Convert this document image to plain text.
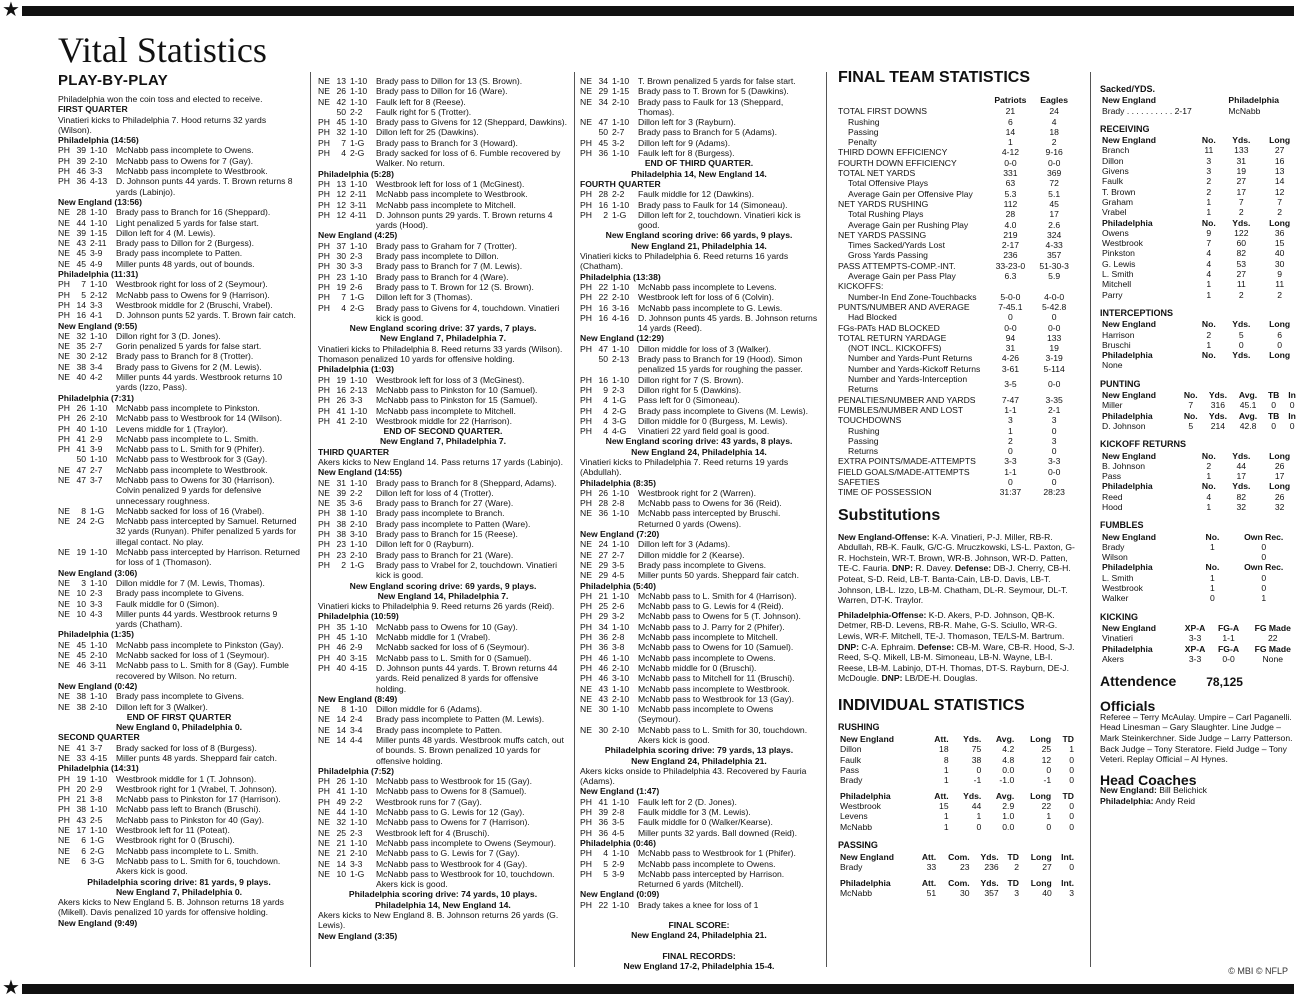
★
Vital Statistics
PLAY-BY-PLAY
Philadelphia won the coin toss and elected to receive.
FIRST QUARTER
Vinatieri kicks to Philadelphia 7. Hood returns 32 yards (Wilson).
Philadelphia (14:56)
PH 39 1-10	McNabb pass incomplete to Owens.
PH 39 2-10	McNabb pass to Owens for 7 (Gay).
PH 46 3-3	McNabb pass incomplete to Westbrook.
PH 36 4-13	D. Johnson punts 44 yards. T. Brown returns 8 yards (Labinjo).
New England (13:56)
NE 28 1-10	Brady pass to Branch for 16 (Sheppard).
NE 44 1-10	Light penalized 5 yards for false start.
NE 39 1-15	Dillon left for 4 (M. Lewis).
NE 43 2-11	Brady pass to Dillon for 2 (Burgess).
NE 45 3-9	Brady pass incomplete to Patten.
NE 45 4-9	Miller punts 48 yards, out of bounds.
Philadelphia (11:31)
PH	7 1-10	Westbrook right for loss of 2 (Seymour).
PH	5 2-12	McNabb pass to Owens for 9 (Harrison).
PH 14 3-3	Westbrook middle for 2 (Bruschi, Vrabel).
PH 16 4-1	D. Johnson punts 52 yards. T. Brown fair catch.
New England (9:55)
NE 32 1-10	Dillon right for 3 (D. Jones).
NE 35 2-7	Gorin penalized 5 yards for false start.
NE 30 2-12	Brady pass to Branch for 8 (Trotter).
NE 38 3-4	Brady pass to Givens for 2 (M. Lewis).
NE 40 4-2	Miller punts 44 yards. Westbrook returns 10 yards (Izzo, Pass).
Philadelphia (7:31)
PH 26 1-10	McNabb pass incomplete to Pinkston.
PH 26 2-10	McNabb pass to Westbrook for 14 (Wilson).
PH 40 1-10	Levens middle for 1 (Traylor).
PH 41 2-9	McNabb pass incomplete to L. Smith.
PH 41 3-9	McNabb pass to L. Smith for 9 (Phifer).
50 1-10	McNabb pass to Westbrook for 3 (Gay).
NE 47 2-7	McNabb pass incomplete to Westbrook.
NE 47 3-7	McNabb pass to Owens for 30 (Harrison). Colvin penalized 9 yards for defensive unnecessary roughness.
NE	8 1-G	McNabb sacked for loss of 16 (Vrabel).
NE 24 2-G	McNabb pass intercepted by Samuel. Returned 32 yards (Runyan). Phifer penalized 5 yards for illegal contact. No play.
NE 19 1-10	McNabb pass intercepted by Harrison. Returned for loss of 1 (Thomason).
New England (3:06)
NE	3 1-10	Dillon middle for 7 (M. Lewis, Thomas).
NE 10 2-3	Brady pass incomplete to Givens.
NE 10 3-3	Faulk middle for 0 (Simon).
NE 10 4-3	Miller punts 44 yards. Westbrook returns 9 yards (Chatham).
Philadelphia (1:35)
NE 45 1-10	McNabb pass incomplete to Pinkston (Gay).
NE 45 2-10	McNabb sacked for loss of 1 (Seymour).
NE 46 3-11	McNabb pass to L. Smith for 8 (Gay). Fumble recovered by Wilson. No return.
New England (0:42)
NE 38 1-10	Brady pass incomplete to Givens.
NE 38 2-10	Dillon left for 3 (Walker).
END OF FIRST QUARTER
New England 0, Philadelphia 0.
SECOND QUARTER
NE 41 3-7	Brady sacked for loss of 8 (Burgess).
NE 33 4-15	Miller punts 48 yards. Sheppard fair catch.
Philadelphia (14:31)
PH 19 1-10	Westbrook middle for 1 (T. Johnson).
PH 20 2-9	Westbrook right for 1 (Vrabel, T. Johnson).
PH 21 3-8	McNabb pass to Pinkston for 17 (Harrison).
PH 38 1-10	McNabb pass left to Branch (Bruschi).
PH 43 2-5	McNabb pass to Pinkston for 40 (Gay).
NE 17 1-10	Westbrook left for 11 (Poteat).
NE	6 1-G	Westbrook right for 0 (Bruschi).
NE	6 2-G	McNabb pass incomplete to L. Smith.
NE	6 3-G	McNabb pass to L. Smith for 6, touchdown. Akers kick is good.
Philadelphia scoring drive: 81 yards, 9 plays.
New England 7, Philadelphia 0.
Akers kicks to New England 5. B. Johnson returns 18 yards (Mikell). Davis penalized 10 yards for offensive holding.
New England (9:49)
NE 13 1-10	Brady pass to Dillon for 13 (S. Brown).
NE 26 1-10	Brady pass to Dillon for 16 (Ware).
NE 42 1-10	Faulk left for 8 (Reese).
50 2-2	Faulk right for 5 (Trotter).
PH 45 1-10	Brady pass to Givens for 12 (Sheppard, Dawkins).
PH 32 1-10	Dillon left for 25 (Dawkins).
PH	7 1-G	Brady pass to Branch for 3 (Howard).
PH	4 2-G	Brady sacked for loss of 6. Fumble recovered by Walker. No return.
Philadelphia (5:28)
PH 13 1-10	Westbrook left for loss of 1 (McGinest).
PH 12 2-11	McNabb pass incomplete to Westbrook.
PH 12 3-11	McNabb pass incomplete to Mitchell.
PH 12 4-11	D. Johnson punts 29 yards. T. Brown returns 4 yards (Hood).
New England (4:25)
PH 37 1-10	Brady pass to Graham for 7 (Trotter).
PH 30 2-3	Brady pass incomplete to Dillon.
PH 30 3-3	Brady pass to Branch for 7 (M. Lewis).
PH 23 1-10	Brady pass to Branch for 4 (Ware).
PH 19 2-6	Brady pass to T. Brown for 12 (S. Brown).
PH	7 1-G	Dillon left for 3 (Thomas).
PH	4 2-G	Brady pass to Givens for 4, touchdown. Vinatieri kick is good.
New England scoring drive: 37 yards, 7 plays.
New England 7, Philadelphia 7.
Vinatieri kicks to Philadelphia 8. Reed returns 33 yards (Wilson). Thomason penalized 10 yards for offensive holding.
Philadelphia (1:03)
PH 19 1-10	Westbrook left for loss of 3 (McGinest).
PH 16 2-13	McNabb pass to Pinkston for 10 (Samuel).
PH 26 3-3	McNabb pass to Pinkston for 15 (Samuel).
PH 41 1-10	McNabb pass incomplete to Mitchell.
PH 41 2-10	Westbrook middle for 22 (Harrison).
END OF SECOND QUARTER.
New England 7, Philadelphia 7.
THIRD QUARTER
Akers kicks to New England 14. Pass returns 17 yards (Labinjo).
New England (14:55)
NE 31 1-10	Brady pass to Branch for 8 (Sheppard, Adams).
NE 39 2-2	Dillon left for loss of 4 (Trotter).
NE 35 3-6	Brady pass to Branch for 27 (Ware).
PH 38 1-10	Brady pass incomplete to Branch.
PH 38 2-10	Brady pass incomplete to Patten (Ware).
PH 38 3-10	Brady pass to Branch for 15 (Reese).
PH 23 1-10	Dillon left for 0 (Rayburn).
PH 23 2-10	Brady pass to Branch for 21 (Ware).
PH	2 1-G	Brady pass to Vrabel for 2, touchdown. Vinatieri kick is good.
New England scoring drive: 69 yards, 9 plays.
New England 14, Philadelphia 7.
Vinatieri kicks to Philadelphia 9. Reed returns 26 yards (Reid).
Philadelphia (10:59)
PH 35 1-10	McNabb pass to Owens for 10 (Gay).
PH 45 1-10	McNabb middle for 1 (Vrabel).
PH 46 2-9	McNabb sacked for loss of 6 (Seymour).
PH 40 3-15	McNabb pass to L. Smith for 0 (Samuel).
PH 40 4-15	D. Johnson punts 44 yards. T. Brown returns 44 yards. Reid penalized 8 yards for offensive holding.
New England (8:49)
NE	8 1-10	Dillon middle for 6 (Adams).
NE 14 2-4	Brady pass incomplete to Patten (M. Lewis).
NE 14 3-4	Brady pass incomplete to Patten.
NE 14 4-4	Miller punts 48 yards. Westbrook muffs catch, out of bounds. S. Brown penalized 10 yards for offensive holding.
Philadelphia (7:52)
PH 26 1-10	McNabb pass to Westbrook for 15 (Gay).
PH 41 1-10	McNabb pass to Owens for 8 (Samuel).
PH 49 2-2	Westbrook runs for 7 (Gay).
NE 44 1-10	McNabb pass to G. Lewis for 12 (Gay).
NE 32 1-10	McNabb pass to Owens for 7 (Harrison).
NE 25 2-3	Westbrook left for 4 (Bruschi).
NE 21 1-10	McNabb pass incomplete to Owens (Seymour).
NE 21 2-10	McNabb pass to G. Lewis for 7 (Gay).
NE 14 3-3	McNabb pass to Westbrook for 4 (Gay).
NE 10 1-G	McNabb pass to Westbrook for 10, touchdown. Akers kick is good.
Philadelphia scoring drive: 74 yards, 10 plays.
Philadelphia 14, New England 14.
Akers kicks to New England 8. B. Johnson returns 26 yards (G. Lewis).
New England (3:35)
NE 34 1-10	T. Brown penalized 5 yards for false start.
NE 29 1-15	Brady pass to T. Brown for 5 (Dawkins).
NE 34 2-10	Brady pass to Faulk for 13 (Sheppard, Thomas).
NE 47 1-10	Dillon left for 3 (Rayburn).
50 2-7	Brady pass to Branch for 5 (Adams).
PH 45 3-2	Dillon left for 9 (Adams).
PH 36 1-10	Faulk left for 8 (Burgess).
END OF THIRD QUARTER.
Philadelphia 14, New England 14.
FOURTH QUARTER
PH 28 2-2	Faulk middle for 12 (Dawkins).
PH 16 1-10	Brady pass to Faulk for 14 (Simoneau).
PH	2 1-G	Dillon left for 2, touchdown. Vinatieri kick is good.
New England scoring drive: 66 yards, 9 plays.
New England 21, Philadelphia 14.
Vinatieri kicks to Philadelphia 6. Reed returns 16 yards (Chatham).
Philadelphia (13:38)
PH 22 1-10	McNabb pass incomplete to Levens.
PH 22 2-10	Westbrook left for loss of 6 (Colvin).
PH 16 3-16	McNabb pass incomplete to G. Lewis.
PH 16 4-16	D. Johnson punts 45 yards. B. Johnson returns 14 yards (Reed).
New England (12:29)
PH 47 1-10	Dillon middle for loss of 3 (Walker).
50 2-13	Brady pass to Branch for 19 (Hood). Simon penalized 15 yards for roughing the passer.
PH 16 1-10	Dillon right for 7 (S. Brown).
PH	9 2-3	Dillon right for 5 (Dawkins).
PH	4 1-G	Pass left for 0 (Simoneau).
PH	4 2-G	Brady pass incomplete to Givens (M. Lewis).
PH	4 3-G	Dillon middle for 0 (Burgess, M. Lewis).
PH	4 4-G	Vinatieri 22 yard field goal is good.
New England scoring drive: 43 yards, 8 plays.
New England 24, Philadelphia 14.
Vinatieri kicks to Philadelphia 7. Reed returns 19 yards (Abdullah).
Philadelphia (8:35)
PH 26 1-10	Westbrook right for 2 (Warren).
PH 28 2-8	McNabb pass to Owens for 36 (Reid).
NE 36 1-10	McNabb pass intercepted by Bruschi. Returned 0 yards (Owens).
New England (7:20)
NE 24 1-10	Dillon left for 3 (Adams).
NE 27 2-7	Dillon middle for 2 (Kearse).
NE 29 3-5	Brady pass incomplete to Givens.
NE 29 4-5	Miller punts 50 yards. Sheppard fair catch.
Philadelphia (5:40)
PH 21 1-10	McNabb pass to L. Smith for 4 (Harrison).
PH 25 2-6	McNabb pass to G. Lewis for 4 (Reid).
PH 29 3-2	McNabb pass to Owens for 5 (T. Johnson).
PH 34 1-10	McNabb pass to J. Parry for 2 (Phifer).
PH 36 2-8	McNabb pass incomplete to Mitchell.
PH 36 3-8	McNabb pass to Owens for 10 (Samuel).
PH 46 1-10	McNabb pass incomplete to Owens.
PH 46 2-10	McNabb middle for 0 (Bruschi).
PH 46 3-10	McNabb pass to Mitchell for 11 (Bruschi).
NE 43 1-10	McNabb pass incomplete to Westbrook.
NE 43 2-10	McNabb pass to Westbrook for 13 (Gay).
NE 30 1-10	McNabb pass incomplete to Owens (Seymour).
NE 30 2-10	McNabb pass to L. Smith for 30, touchdown. Akers kick is good.
Philadelphia scoring drive: 79 yards, 13 plays.
New England 24, Philadelphia 21.
Akers kicks onside to Philadelphia 43. Recovered by Fauria (Adams).
New England (1:47)
PH 41 1-10	Faulk left for 2 (D. Jones).
PH 39 2-8	Faulk middle for 3 (M. Lewis).
PH 36 3-5	Faulk middle for 0 (Walker/Kearse).
PH 36 4-5	Miller punts 32 yards. Ball downed (Reid).
Philadelphia (0:46)
PH	4 1-10	McNabb pass to Westbrook for 1 (Phifer).
PH	5 2-9	McNabb pass incomplete to Owens.
PH	5 3-9	McNabb pass intercepted by Harrison. Returned 6 yards (Mitchell).
New England (0:09)
PH 22 1-10	Brady takes a knee for loss of 1
FINAL SCORE:
New England 24, Philadelphia 21.
FINAL RECORDS:
New England 17-2, Philadelphia 15-4.
FINAL TEAM STATISTICS
	Patriots	Eagles
TOTAL FIRST DOWNS	21	24
Rushing	6	4
Passing	14	18
Penalty	1	2
THIRD DOWN EFFICIENCY	4-12	9-16
FOURTH DOWN EFFICIENCY	0-0	0-0
TOTAL NET YARDS	331	369
Total Offensive Plays	63	72
Average Gain per Offensive Play	5.3	5.1
NET YARDS RUSHING	112	45
Total Rushing Plays	28	17
Average Gain per Rushing Play	4.0	2.6
NET YARDS PASSING	219	324
Times Sacked/Yards Lost	2-17	4-33
Gross Yards Passing	236	357
PASS ATTEMPTS-COMP.-INT.	33-23-0	51-30-3
Average Gain per Pass Play	6.3	5.9
KICKOFFS:		
Number-In End Zone-Touchbacks	5-0-0	4-0-0
PUNTS/NUMBER AND AVERAGE	7-45.1	5-42.8
Had Blocked	0	0
FGs-PATs HAD BLOCKED	0-0	0-0
TOTAL RETURN YARDAGE	94	133
(NOT INCL. KICKOFFS)	31	19
Number and Yards-Punt Returns	4-26	3-19
Number and Yards-Kickoff Returns	3-61	5-114
Number and Yards-Interception Returns	3-5	0-0
PENALTIES/NUMBER AND YARDS	7-47	3-35
FUMBLES/NUMBER AND LOST	1-1	2-1
TOUCHDOWNS	3	3
Rushing	1	0
Passing	2	3
Returns	0	0
EXTRA POINTS/MADE-ATTEMPTS	3-3	3-3
FIELD GOALS/MADE-ATTEMPTS	1-1	0-0
SAFETIES	0	0
TIME OF POSSESSION	31:37	28:23
Substitutions

New England-Offense: K-A. Vinatieri, P-J. Miller, RB-R. Abdullah, RB-K. Faulk, G/C-G. Mruczkowski, LS-L. Paxton, G-R. Hochstein, WR-T. Brown, WR-B. Johnson, WR-D. Patten, TE-C. Fauria. DNP: R. Davey. Defense: DB-J. Cherry, CB-H. Poteat, S-D. Reid, LB-T. Banta-Cain, LB-D. Davis, LB-T. Johnson, LB-L. Izzo, LB-M. Chatham, DL-R. Seymour, DL-T. Warren, DT-K. Traylor.

Philadelphia-Offense: K-D. Akers, P-D. Johnson, QB-K. Detmer, RB-D. Levens, RB-R. Mahe, G-S. Sciullo, WR-G. Lewis, WR-F. Mitchell, TE-J. Thomason, TE/LS-M. Bartrum. DNP: C-A. Ephraim. Defense: CB-M. Ware, CB-R. Hood, S-J. Reed, S-Q. Mikell, LB-M. Simoneau, LB-N. Wayne, LB-I. Reese, LB-M. Labinjo, DT-H. Thomas, DT-S. Rayburn, DE-J. McDougle. DNP: LB/DE-H. Douglas.

INDIVIDUAL STATISTICS
RUSHING
New England	Att.	Yds.	Avg.	Long	TD
Dillon	18	75	4.2	25	1
Faulk	8	38	4.8	12	0
Pass	1	0	0.0	0	0
Brady	1	-1	-1.0	-1	0

Philadelphia	Att.	Yds.	Avg.	Long	TD
Westbrook	15	44	2.9	22	0
Levens	1	1	1.0	1	0
McNabb	1	0	0.0	0	0
PASSING
New England	Att.	Com.	Yds.	TD	Long	Int.
Brady	33	23	236	2	27	0

Philadelphia	Att.	Com.	Yds.	TD	Long	Int.
McNabb	51	30	357	3	40	3
Sacked/YDS.
New England	Philadelphia
Brady . . . . . . . . . . 2-17	McNabb
RECEIVING
New England	No.	Yds.	Long
Branch	11	133	27
Dillon	3	31	16
Givens	3	19	13
Faulk	2	27	14
T. Brown	2	17	12
Graham	1	7	7
Vrabel	1	2	2
Philadelphia	No.	Yds.	Long
Owens	9	122	36
Westbrook	7	60	15
Pinkston	4	82	40
G. Lewis	4	53	30
L. Smith	4	27	9
Mitchell	1	11	11
Parry	1	2	2
INTERCEPTIONS
New England	No.	Yds.	Long
Harrison	2	5	6
Bruschi	1	0	0
Philadelphia	No.	Yds.	Long
None			
PUNTING
New England	No.	Yds.	Avg.	TB	In
Miller	7	316	45.1	0	0
Philadelphia	No.	Yds.	Avg.	TB	In
D. Johnson	5	214	42.8	0	0
KICKOFF RETURNS
New England	No.	Yds.	Long
B. Johnson	2	44	26
Pass	1	17	17
Philadelphia	No.	Yds.	Long
Reed	4	82	26
Hood	1	32	32
FUMBLES
New England	No.	Own Rec.
Brady	1	0
Wilson		0
Philadelphia	No.	Own Rec.
L. Smith	1	0
Westbrook	1	0
Walker	0	1
KICKING
New England	XP-A	FG-A	FG Made
Vinatieri	3-3	1-1	22
Philadelphia	XP-A	FG-A	FG Made
Akers	3-3	0-0	None
Attendence	78,125
Officials
Referee – Terry McAulay. Umpire – Carl Paganelli. Head Linesman – Gary Slaughter. Line Judge – Mark Steinkerchner. Side Judge – Larry Patterson. Back Judge – Tony Steratore. Field Judge – Tony Veteri. Replay Official – Al Hynes.
Head Coaches
New England: Bill Belichick
Philadelphia: Andy Reid
© MBI © NFLP
★
